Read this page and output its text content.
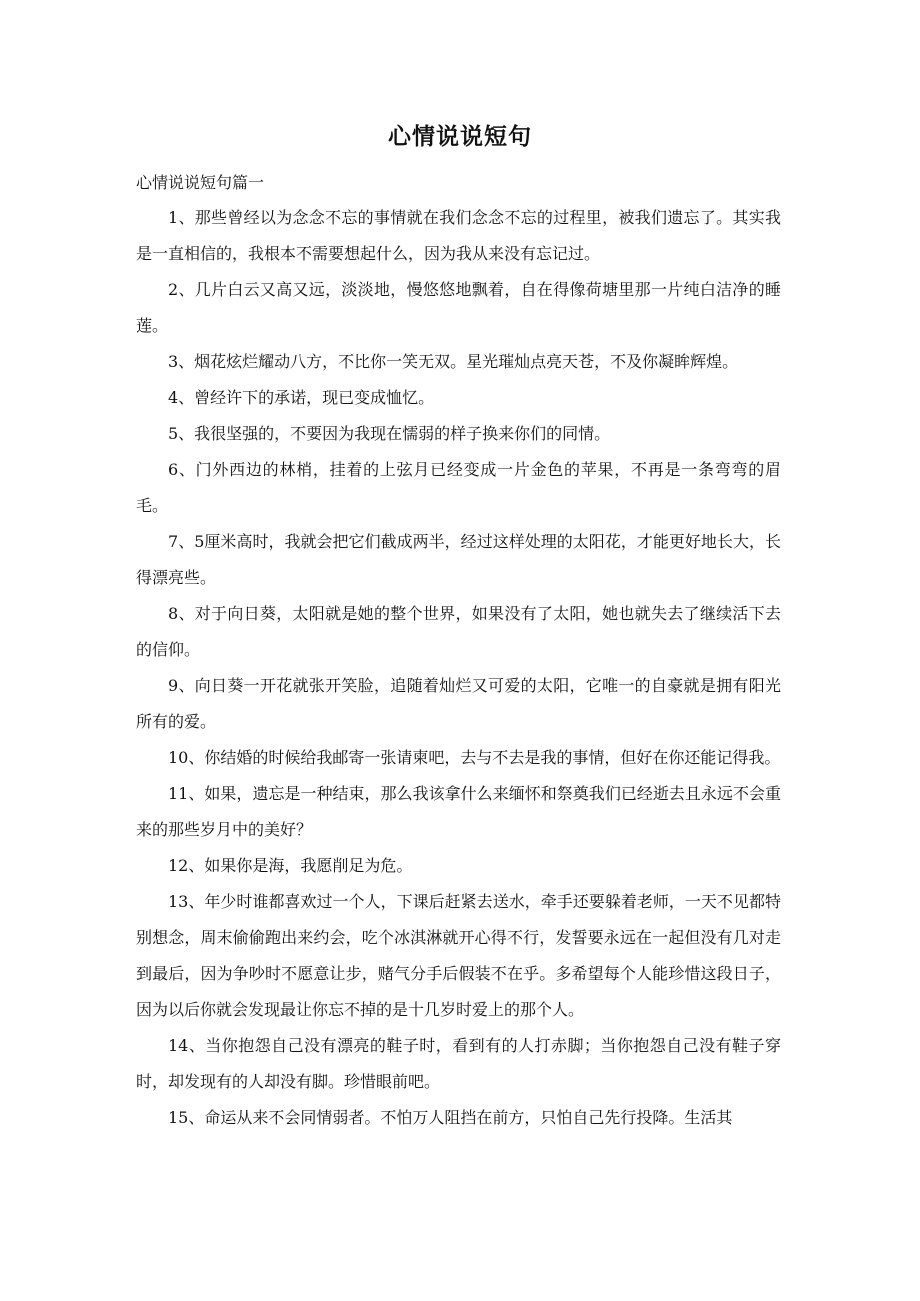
心情说说短句
心情说说短句篇一

1、那些曾经以为念念不忘的事情就在我们念念不忘的过程里，被我们遗忘了。其实我是一直相信的，我根本不需要想起什么，因为我从来没有忘记过。

2、几片白云又高又远，淡淡地，慢悠悠地飘着，自在得像荷塘里那一片纯白洁净的睡莲。

3、烟花炫烂耀动八方，不比你一笑无双。星光璀灿点亮天苍，不及你凝眸辉煌。

4、曾经许下的承诺，现已变成恤忆。

5、我很坚强的，不要因为我现在懦弱的样子换来你们的同情。

6、门外西边的林梢，挂着的上弦月已经变成一片金色的苹果，不再是一条弯弯的眉毛。

7、5厘米高时，我就会把它们截成两半，经过这样处理的太阳花，才能更好地长大，长得漂亮些。

8、对于向日葵，太阳就是她的整个世界，如果没有了太阳，她也就失去了继续活下去的信仰。

9、向日葵一开花就张开笑脸，追随着灿烂又可爱的太阳，它唯一的自豪就是拥有阳光所有的爱。

10、你结婚的时候给我邮寄一张请柬吧，去与不去是我的事情，但好在你还能记得我。

11、如果，遗忘是一种结束，那么我该拿什么来缅怀和祭奠我们已经逝去且永远不会重来的那些岁月中的美好？

12、如果你是海，我愿削足为危。

13、年少时谁都喜欢过一个人，下课后赶紧去送水，牵手还要躲着老师，一天不见都特别想念，周末偷偷跑出来约会，吃个冰淇淋就开心得不行，发誓要永远在一起但没有几对走到最后，因为争吵时不愿意让步，赌气分手后假装不在乎。多希望每个人能珍惜这段日子，因为以后你就会发现最让你忘不掉的是十几岁时爱上的那个人。

14、当你抱怨自己没有漂亮的鞋子时，看到有的人打赤脚；当你抱怨自己没有鞋子穿时，却发现有的人却没有脚。珍惜眼前吧。

15、命运从来不会同情弱者。不怕万人阻挡在前方，只怕自己先行投降。生活其
